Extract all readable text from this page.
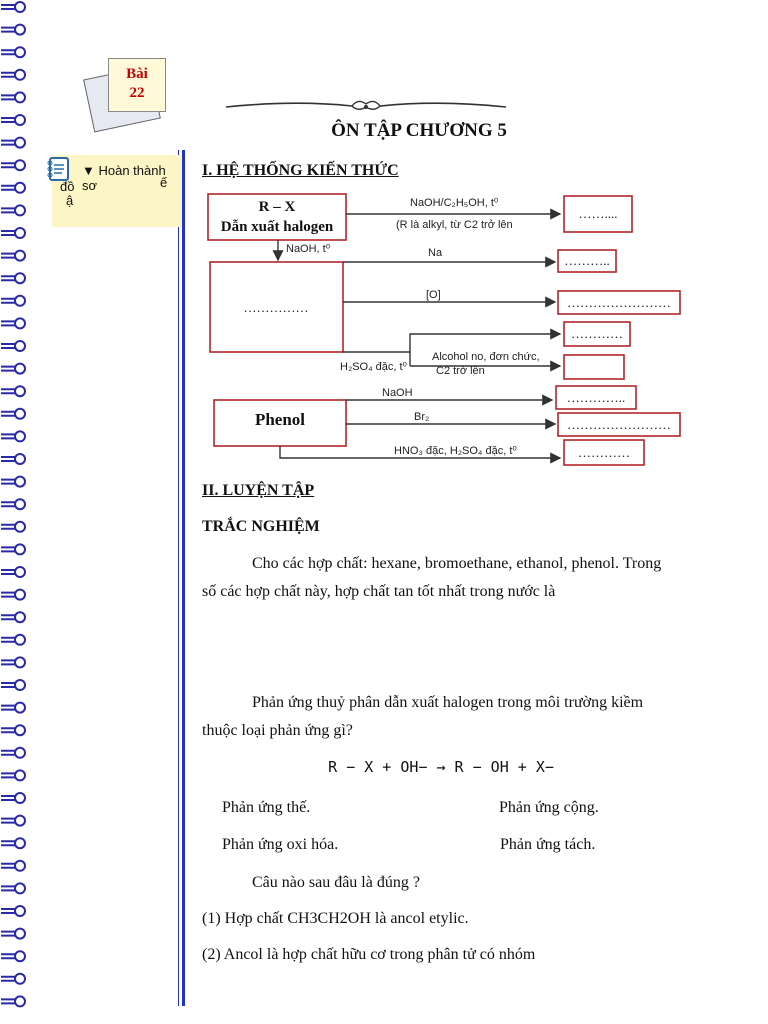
Bài
22
▼ Hoàn thành sơ
đồ	ế
ậ
ÔN TẬP CHƯƠNG 5
I. HỆ THỐNG KIẾN THỨC
NaOH/C₂H₅OH, t⁰
(R là alkyl, từ C2 trở lên
NaOH, t⁰	Na
[O]
H₂SO₄ đặc, t⁰
Alcohol no, đơn chức,
C2 trở lên
NaOH
Br₂
HNO₃ đặc, H₂SO₄ đặc, t⁰
R – X
Dẫn xuất halogen
Phenol
……………
……....
………..
……………………
…………
…………..
……………………
…………
II. LUYỆN TẬP
TRẮC NGHIỆM
Cho các hợp chất: hexane, bromoethane, ethanol, phenol. Trong
số các hợp chất này, hợp chất tan tốt nhất trong nước là
Phản ứng thuỷ phân dẫn xuất halogen trong môi trường kiềm
thuộc loại phản ứng gì?
R − X + OH− → R − OH + X−
Phản ứng thế.	Phản ứng cộng.
Phản ứng oxi hóa.	Phản ứng tách.
Câu nào sau đâu là đúng ?
(1) Hợp chất CH3CH2OH là ancol etylic.
(2) Ancol là hợp chất hữu cơ trong phân tử có nhóm
